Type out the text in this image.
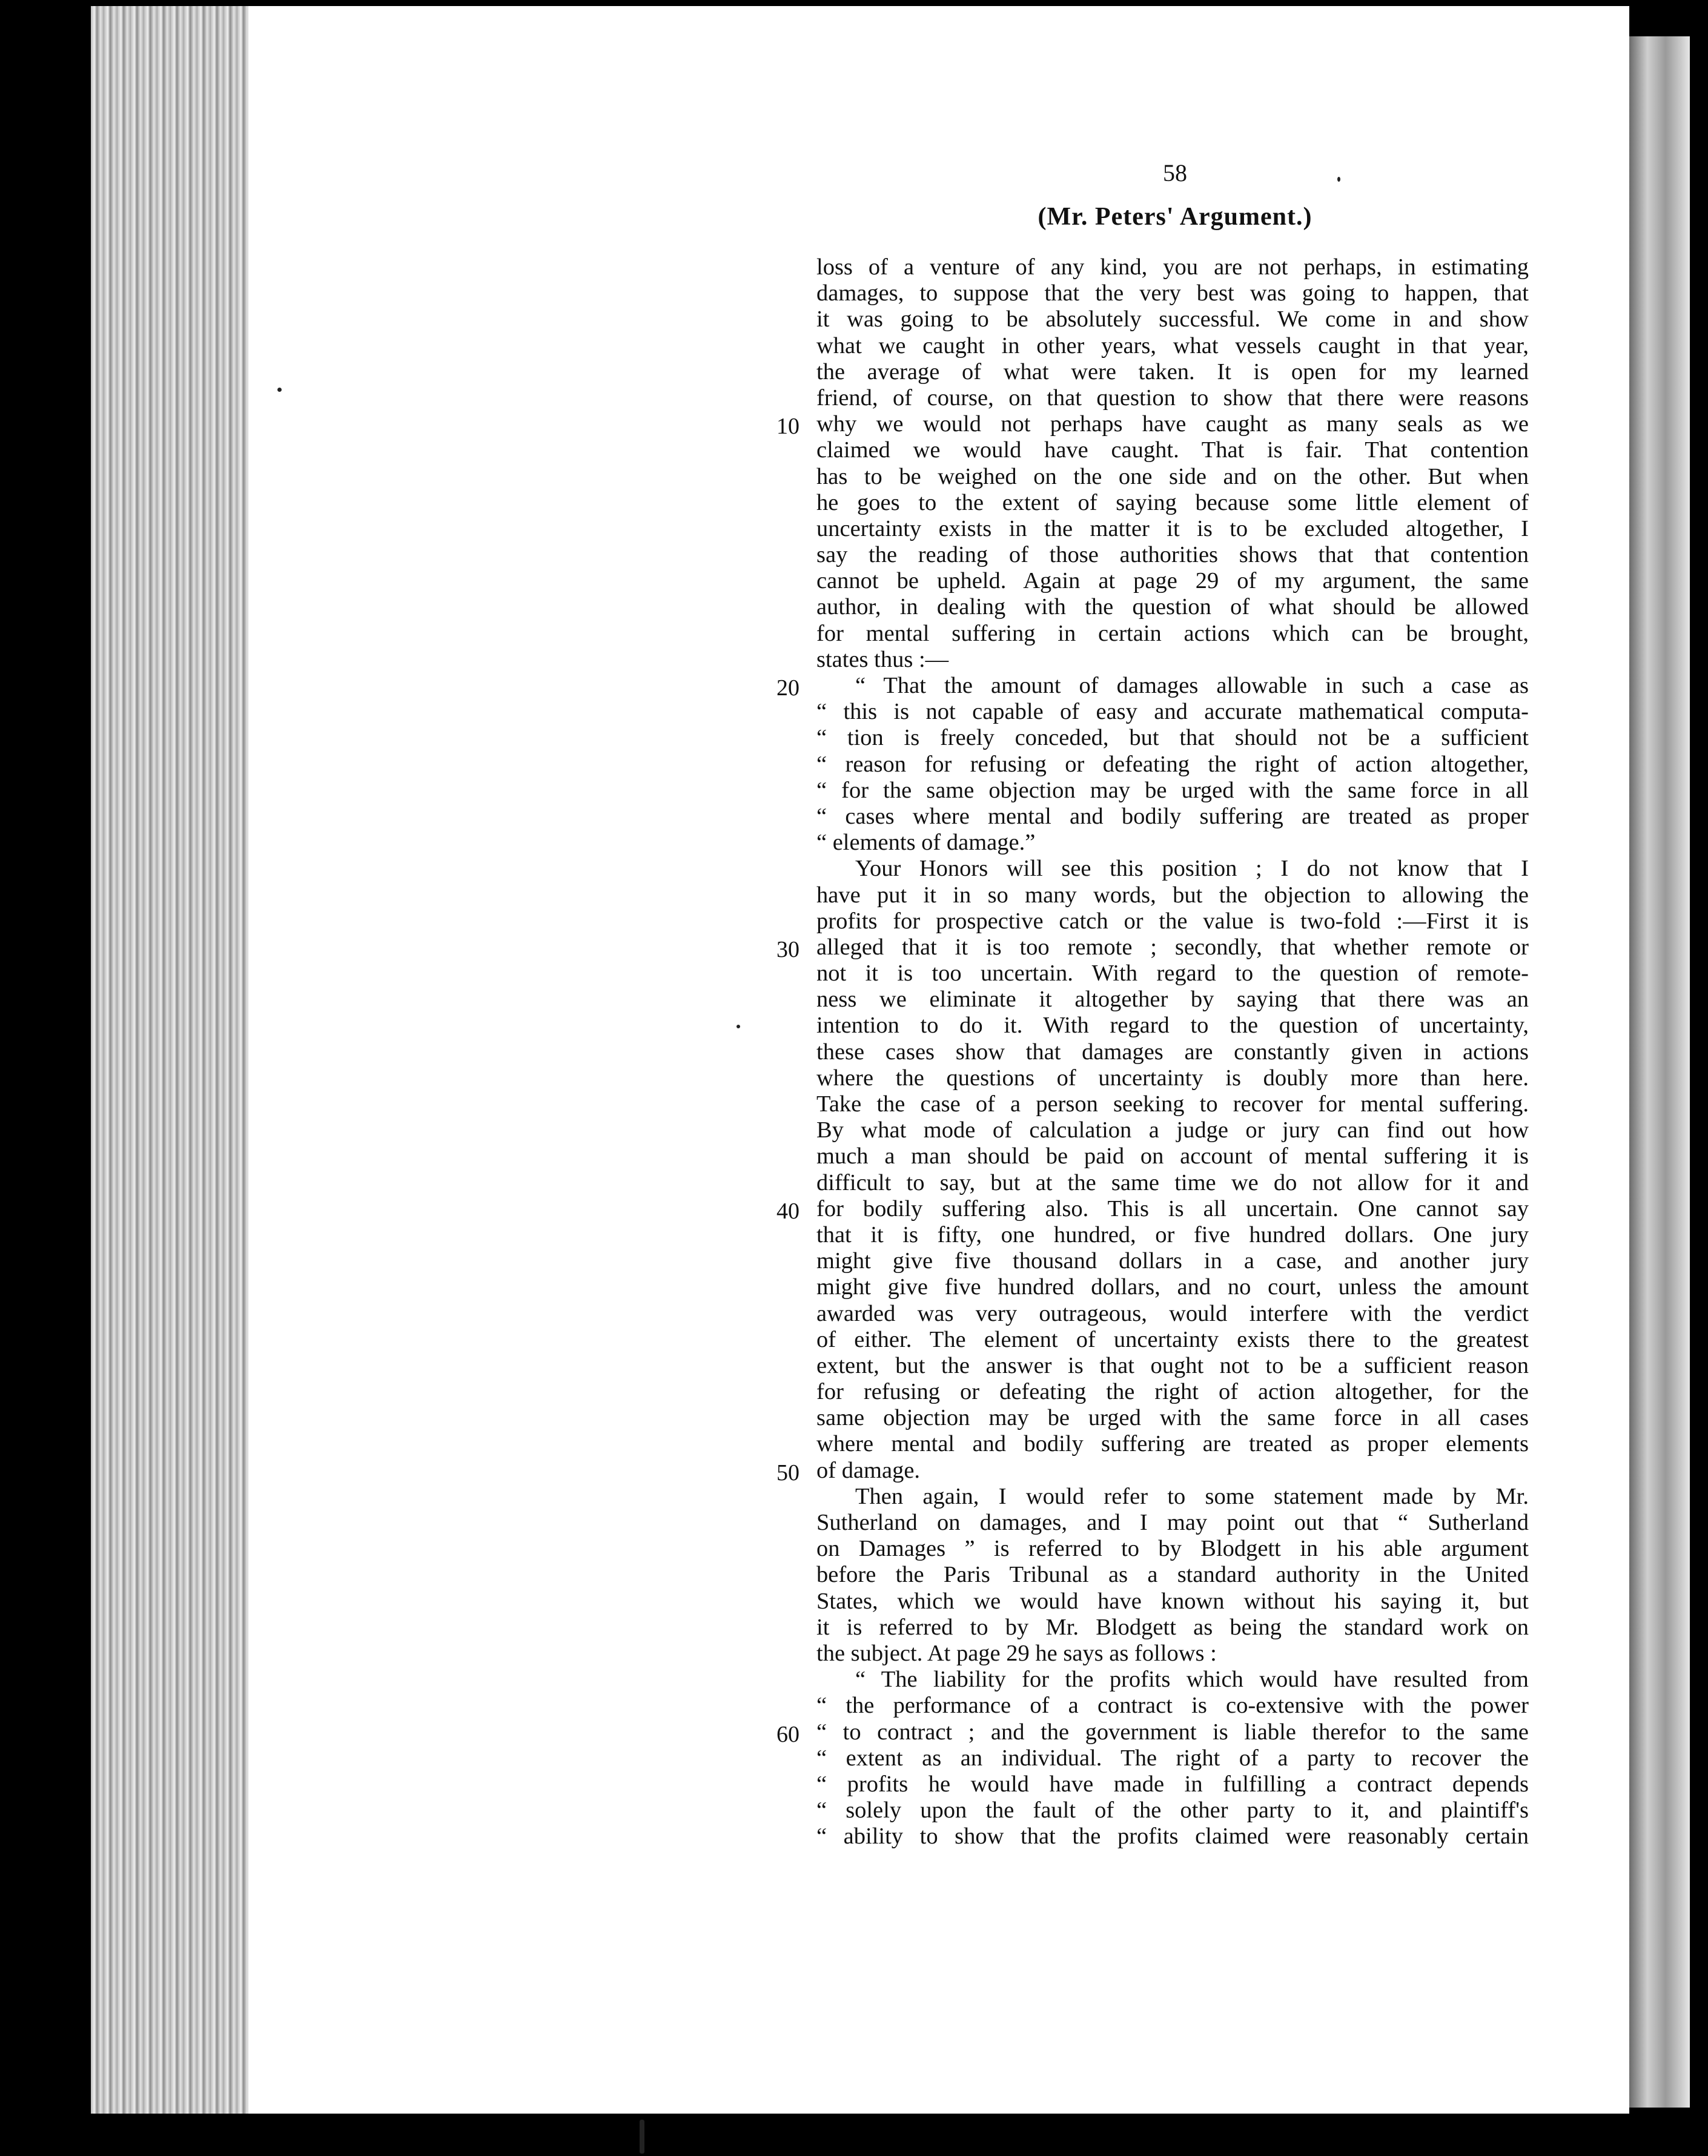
58
(Mr. Peters' Argument.)
loss of a venture of any kind, you are not perhaps, in estimating
damages, to suppose that the very best was going to happen, that
it was going to be absolutely successful. We come in and show
what we caught in other years, what vessels caught in that year,
the average of what were taken. It is open for my learned
friend, of course, on that question to show that there were reasons
why we would not perhaps have caught as many seals as we
claimed we would have caught. That is fair. That contention
has to be weighed on the one side and on the other. But when
he goes to the extent of saying because some little element of
uncertainty exists in the matter it is to be excluded altogether, I
say the reading of those authorities shows that that contention
cannot be upheld. Again at page 29 of my argument, the same
author, in dealing with the question of what should be allowed
for mental suffering in certain actions which can be brought,
states thus :—
“ That the amount of damages allowable in such a case as
“ this is not capable of easy and accurate mathematical computa-
“ tion is freely conceded, but that should not be a sufficient
“ reason for refusing or defeating the right of action altogether,
“ for the same objection may be urged with the same force in all
“ cases where mental and bodily suffering are treated as proper
“ elements of damage.”
Your Honors will see this position ; I do not know that I
have put it in so many words, but the objection to allowing the
profits for prospective catch or the value is two-fold :—First it is
alleged that it is too remote ; secondly, that whether remote or
not it is too uncertain. With regard to the question of remote-
ness we eliminate it altogether by saying that there was an
intention to do it. With regard to the question of uncertainty,
these cases show that damages are constantly given in actions
where the questions of uncertainty is doubly more than here.
Take the case of a person seeking to recover for mental suffering.
By what mode of calculation a judge or jury can find out how
much a man should be paid on account of mental suffering it is
difficult to say, but at the same time we do not allow for it and
for bodily suffering also. This is all uncertain. One cannot say
that it is fifty, one hundred, or five hundred dollars. One jury
might give five thousand dollars in a case, and another jury
might give five hundred dollars, and no court, unless the amount
awarded was very outrageous, would interfere with the verdict
of either. The element of uncertainty exists there to the greatest
extent, but the answer is that ought not to be a sufficient reason
for refusing or defeating the right of action altogether, for the
same objection may be urged with the same force in all cases
where mental and bodily suffering are treated as proper elements
of damage.
Then again, I would refer to some statement made by Mr.
Sutherland on damages, and I may point out that “ Sutherland
on Damages ” is referred to by Blodgett in his able argument
before the Paris Tribunal as a standard authority in the United
States, which we would have known without his saying it, but
it is referred to by Mr. Blodgett as being the standard work on
the subject. At page 29 he says as follows :
“ The liability for the profits which would have resulted from
“ the performance of a contract is co-extensive with the power
“ to contract ; and the government is liable therefor to the same
“ extent as an individual. The right of a party to recover the
“ profits he would have made in fulfilling a contract depends
“ solely upon the fault of the other party to it, and plaintiff's
“ ability to show that the profits claimed were reasonably certain
10
20
30
40
50
60
